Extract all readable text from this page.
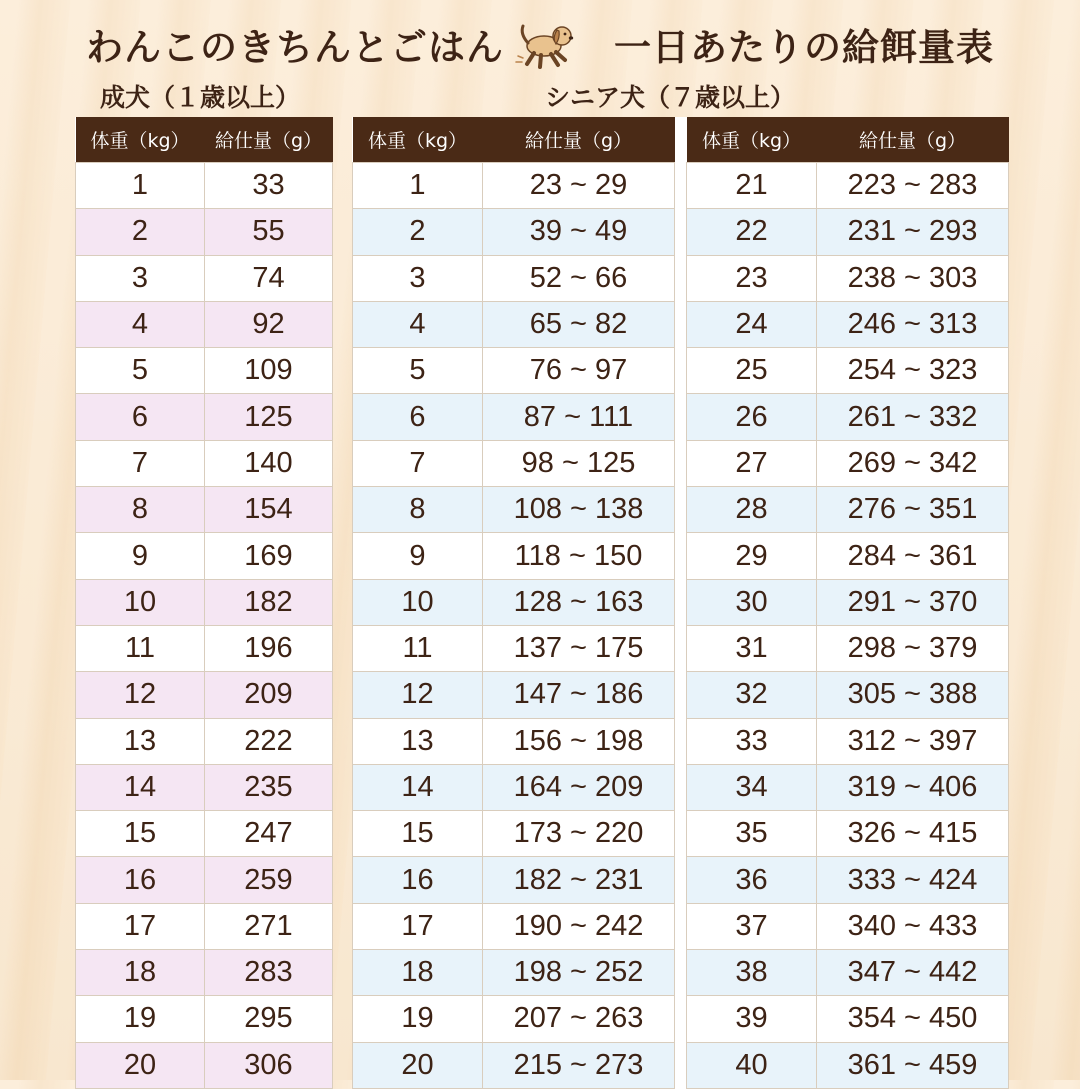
わんこのきちんとごはん	一日あたりの給餌量表
成犬（１歳以上）	シニア犬（７歳以上）
体重（kg）	給仕量（g）
1	33
2	55
3	74
4	92
5	109
6	125
7	140
8	154
9	169
10	182
11	196
12	209
13	222
14	235
15	247
16	259
17	271
18	283
19	295
20	306
体重（kg）	給仕量（g）		体重（kg）	給仕量（g）
1	23 ~ 29		21	223 ~ 283
2	39 ~ 49		22	231 ~ 293
3	52 ~ 66		23	238 ~ 303
4	65 ~ 82		24	246 ~ 313
5	76 ~ 97		25	254 ~ 323
6	87 ~ 111		26	261 ~ 332
7	98 ~ 125		27	269 ~ 342
8	108 ~ 138		28	276 ~ 351
9	118 ~ 150		29	284 ~ 361
10	128 ~ 163		30	291 ~ 370
11	137 ~ 175		31	298 ~ 379
12	147 ~ 186		32	305 ~ 388
13	156 ~ 198		33	312 ~ 397
14	164 ~ 209		34	319 ~ 406
15	173 ~ 220		35	326 ~ 415
16	182 ~ 231		36	333 ~ 424
17	190 ~ 242		37	340 ~ 433
18	198 ~ 252		38	347 ~ 442
19	207 ~ 263		39	354 ~ 450
20	215 ~ 273		40	361 ~ 459
